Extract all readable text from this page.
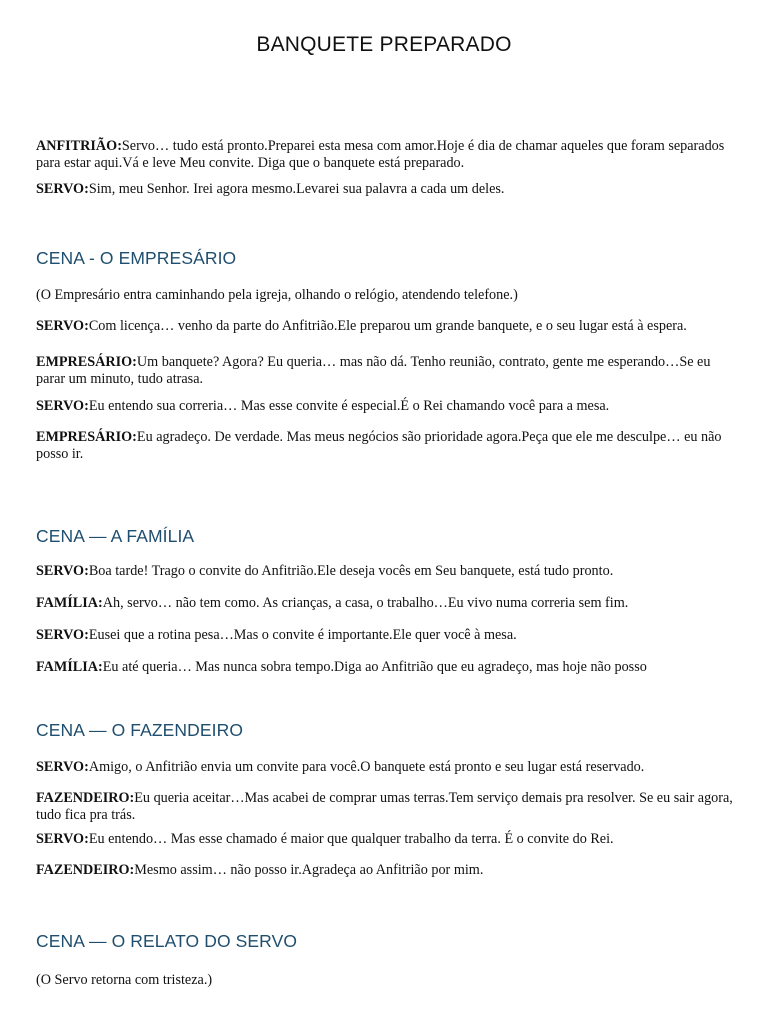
BANQUETE PREPARADO

ANFITRIÃO:Servo… tudo está pronto.Preparei esta mesa com amor.Hoje é dia de chamar aqueles que foram separados para estar aqui.Vá e leve Meu convite. Diga que o banquete está preparado.

SERVO:Sim, meu Senhor. Irei agora mesmo.Levarei sua palavra a cada um deles.

CENA - O EMPRESÁRIO

(O Empresário entra caminhando pela igreja, olhando o relógio, atendendo telefone.)

SERVO:Com licença… venho da parte do Anfitrião.Ele preparou um grande banquete, e o seu lugar está à espera.

EMPRESÁRIO:Um banquete? Agora? Eu queria… mas não dá. Tenho reunião, contrato, gente me esperando…Se eu parar um minuto, tudo atrasa.

SERVO:Eu entendo sua correria… Mas esse convite é especial.É o Rei chamando você para a mesa.

EMPRESÁRIO:Eu agradeço. De verdade. Mas meus negócios são prioridade agora.Peça que ele me desculpe… eu não posso ir.

CENA — A FAMÍLIA

SERVO:Boa tarde! Trago o convite do Anfitrião.Ele deseja vocês em Seu banquete, está tudo pronto.

FAMÍLIA:Ah, servo… não tem como. As crianças, a casa, o trabalho…Eu vivo numa correria sem fim.

SERVO:Eusei que a rotina pesa…Mas o convite é importante.Ele quer você à mesa.

FAMÍLIA:Eu até queria… Mas nunca sobra tempo.Diga ao Anfitrião que eu agradeço, mas hoje não posso

CENA — O FAZENDEIRO

SERVO:Amigo, o Anfitrião envia um convite para você.O banquete está pronto e seu lugar está reservado.

FAZENDEIRO:Eu queria aceitar…Mas acabei de comprar umas terras.Tem serviço demais pra resolver. Se eu sair agora, tudo fica pra trás.

SERVO:Eu entendo… Mas esse chamado é maior que qualquer trabalho da terra. É o convite do Rei.

FAZENDEIRO:Mesmo assim… não posso ir.Agradeça ao Anfitrião por mim.

CENA — O RELATO DO SERVO

(O Servo retorna com tristeza.)
